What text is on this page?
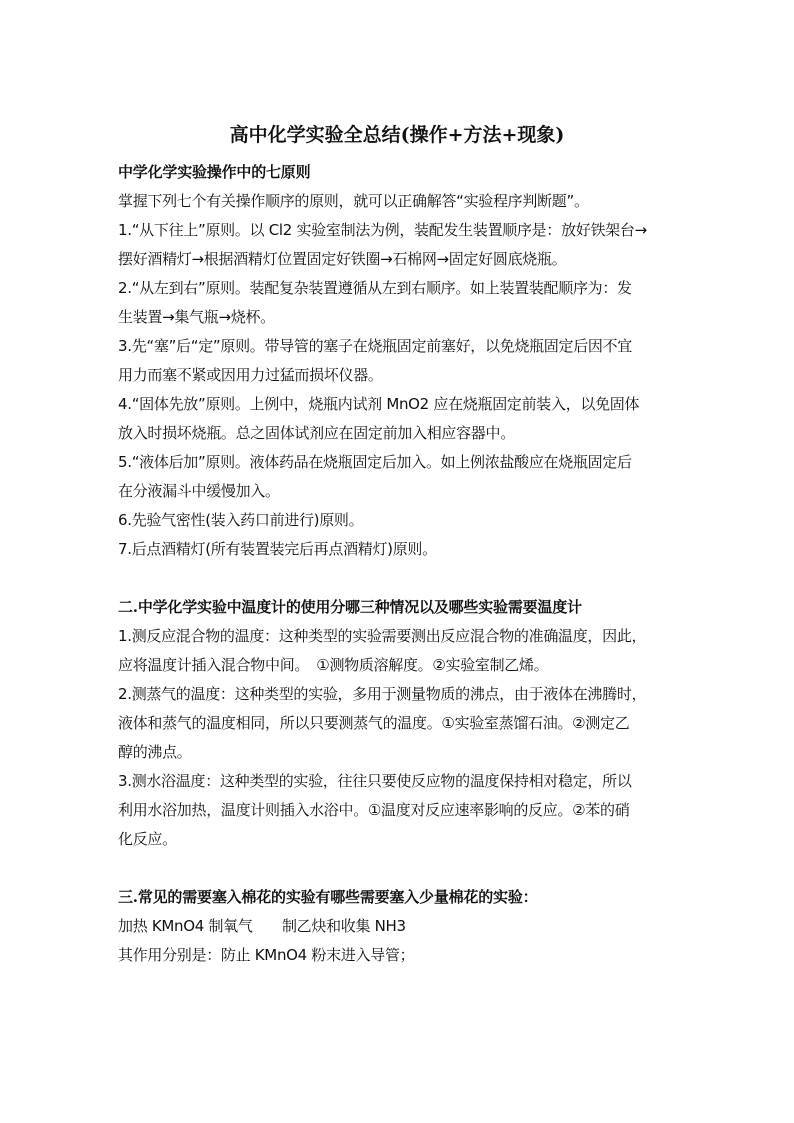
高中化学实验全总结(操作+方法+现象)
中学化学实验操作中的七原则
掌握下列七个有关操作顺序的原则，就可以正确解答“实验程序判断题”。
1.“从下往上”原则。以 Cl2 实验室制法为例，装配发生装置顺序是：放好铁架台→
摆好酒精灯→根据酒精灯位置固定好铁圈→石棉网→固定好圆底烧瓶。
2.“从左到右”原则。装配复杂装置遵循从左到右顺序。如上装置装配顺序为：发
生装置→集气瓶→烧杯。
3.先“塞”后“定”原则。带导管的塞子在烧瓶固定前塞好，以免烧瓶固定后因不宜
用力而塞不紧或因用力过猛而损坏仪器。
4.“固体先放”原则。上例中，烧瓶内试剂 MnO2 应在烧瓶固定前装入，以免固体
放入时损坏烧瓶。总之固体试剂应在固定前加入相应容器中。
5.“液体后加”原则。液体药品在烧瓶固定后加入。如上例浓盐酸应在烧瓶固定后
在分液漏斗中缓慢加入。
6.先验气密性(装入药口前进行)原则。
7.后点酒精灯(所有装置装完后再点酒精灯)原则。
二.中学化学实验中温度计的使用分哪三种情况以及哪些实验需要温度计
1.测反应混合物的温度：这种类型的实验需要测出反应混合物的准确温度，因此，
应将温度计插入混合物中间。　①测物质溶解度。②实验室制乙烯。
2.测蒸气的温度：这种类型的实验，多用于测量物质的沸点，由于液体在沸腾时，
液体和蒸气的温度相同，所以只要测蒸气的温度。①实验室蒸馏石油。②测定乙
醇的沸点。
3.测水浴温度：这种类型的实验，往往只要使反应物的温度保持相对稳定，所以
利用水浴加热，温度计则插入水浴中。①温度对反应速率影响的反应。②苯的硝
化反应。
三.常见的需要塞入棉花的实验有哪些需要塞入少量棉花的实验：
加热 KMnO4 制氧气　　制乙炔和收集 NH3
其作用分别是：防止 KMnO4 粉末进入导管；
